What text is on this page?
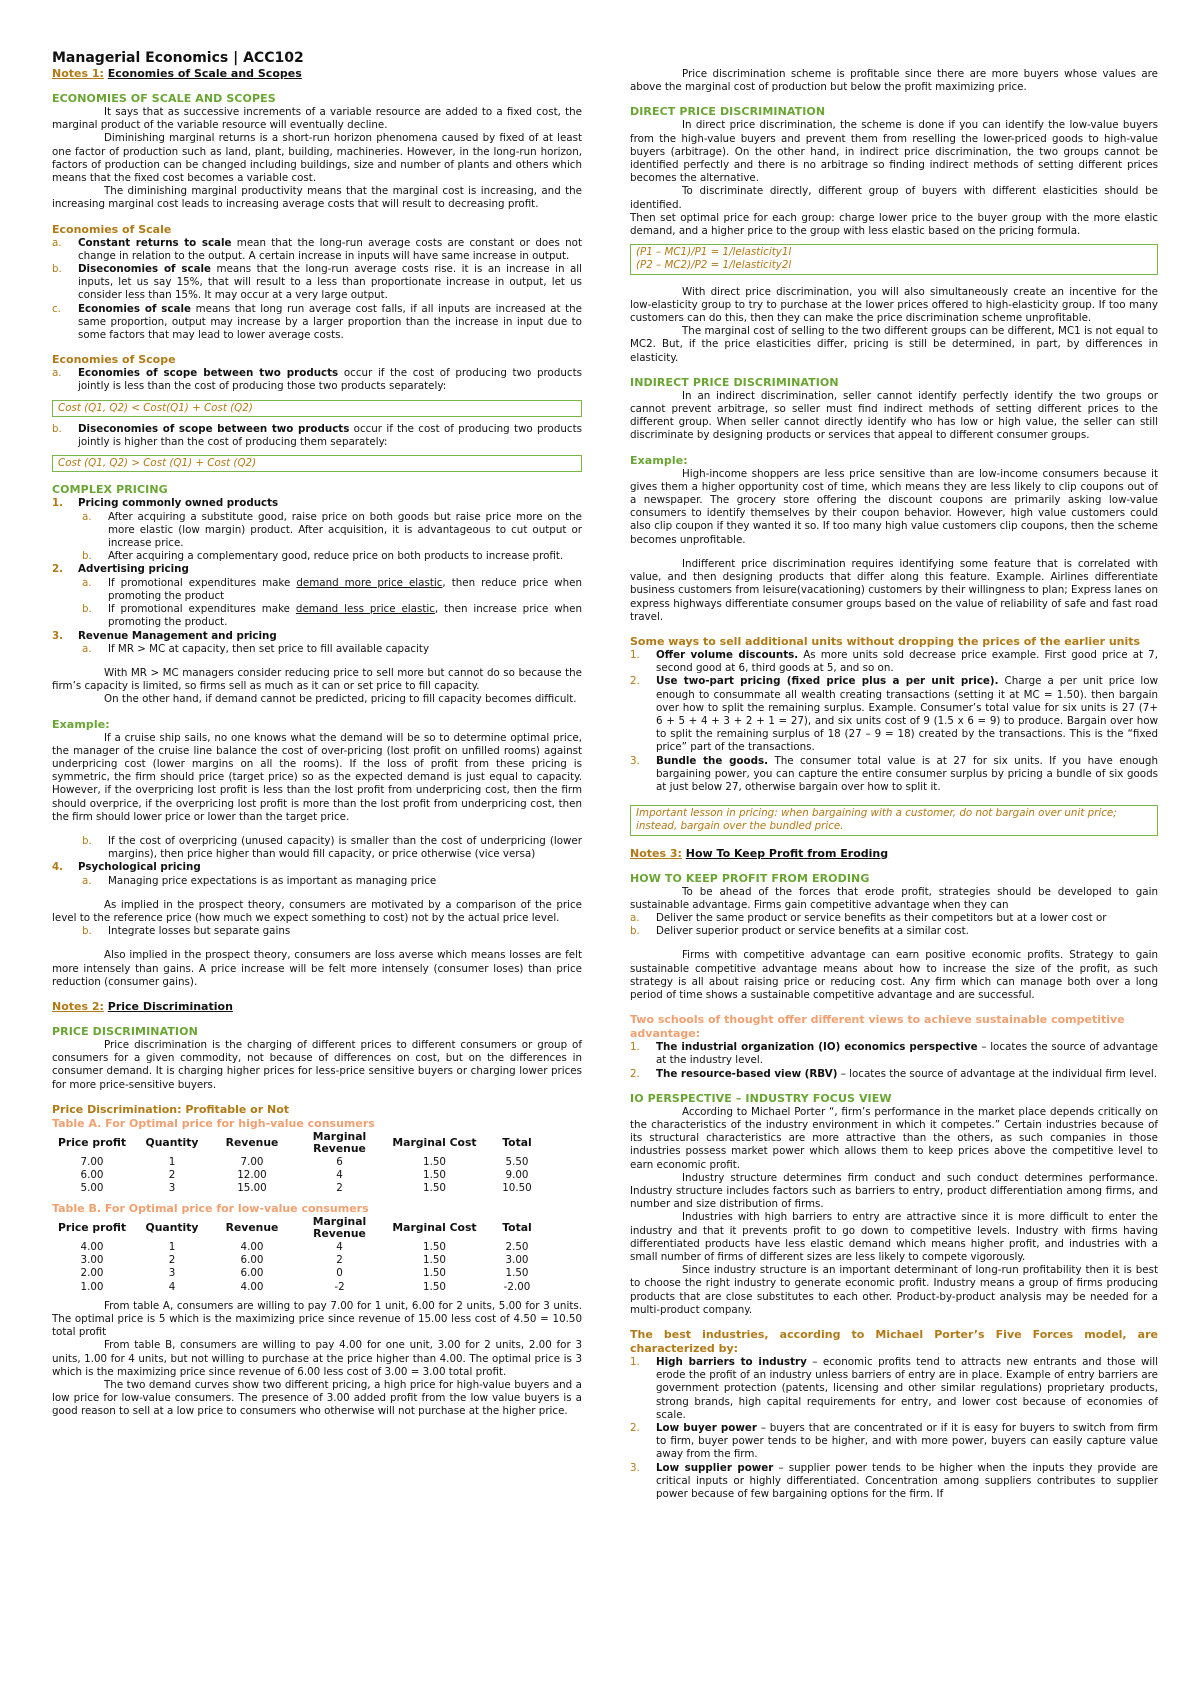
Managerial Economics | ACC102
Notes 1: Economies of Scale and Scopes
ECONOMIES OF SCALE AND SCOPES

It says that as successive increments of a variable resource are added to a fixed cost, the marginal product of the variable resource will eventually decline.

Diminishing marginal returns is a short-run horizon phenomena caused by fixed of at least one factor of production such as land, plant, building, machineries. However, in the long-run horizon, factors of production can be changed including buildings, size and number of plants and others which means that the fixed cost becomes a variable cost.

The diminishing marginal productivity means that the marginal cost is increasing, and the increasing marginal cost leads to increasing average costs that will result to decreasing profit.

Economies of Scale
a. Constant returns to scale mean that the long-run average costs are constant or does not change in relation to the output. A certain increase in inputs will have same increase in output.
b. Diseconomies of scale means that the long-run average costs rise. it is an increase in all inputs, let us say 15%, that will result to a less than proportionate increase in output, let us consider less than 15%. It may occur at a very large output.
c. Economies of scale means that long run average cost falls, if all inputs are increased at the same proportion, output may increase by a larger proportion than the increase in input due to some factors that may lead to lower average costs.
Economies of Scope
a. Economies of scope between two products occur if the cost of producing two products jointly is less than the cost of producing those two products separately:
Cost (Q1, Q2) < Cost(Q1) + Cost (Q2)
b. Diseconomies of scope between two products occur if the cost of producing two products jointly is higher than the cost of producing them separately:
Cost (Q1, Q2) > Cost (Q1) + Cost (Q2)
COMPLEX PRICING
1. Pricing commonly owned products
a. After acquiring a substitute good, raise price on both goods but raise price more on the more elastic (low margin) product. After acquisition, it is advantageous to cut output or increase price.
b. After acquiring a complementary good, reduce price on both products to increase profit.
2. Advertising pricing
a. If promotional expenditures make demand more price elastic, then reduce price when promoting the product
b. If promotional expenditures make demand less price elastic, then increase price when promoting the product.
3. Revenue Management and pricing
a. If MR > MC at capacity, then set price to fill available capacity

With MR > MC managers consider reducing price to sell more but cannot do so because the firm’s capacity is limited, so firms sell as much as it can or set price to fill capacity.

On the other hand, if demand cannot be predicted, pricing to fill capacity becomes difficult.

Example:

If a cruise ship sails, no one knows what the demand will be so to determine optimal price, the manager of the cruise line balance the cost of over-pricing (lost profit on unfilled rooms) against underpricing cost (lower margins on all the rooms). If the loss of profit from these pricing is symmetric, the firm should price (target price) so as the expected demand is just equal to capacity. However, if the overpricing lost profit is less than the lost profit from underpricing cost, then the firm should overprice, if the overpricing lost profit is more than the lost profit from underpricing cost, then the firm should lower price or lower than the target price.

b. If the cost of overpricing (unused capacity) is smaller than the cost of underpricing (lower margins), then price higher than would fill capacity, or price otherwise (vice versa)
4. Psychological pricing
a. Managing price expectations is as important as managing price

As implied in the prospect theory, consumers are motivated by a comparison of the price level to the reference price (how much we expect something to cost) not by the actual price level.

b. Integrate losses but separate gains

Also implied in the prospect theory, consumers are loss averse which means losses are felt more intensely than gains. A price increase will be felt more intensely (consumer loses) than price reduction (consumer gains).

Notes 2: Price Discrimination
PRICE DISCRIMINATION

Price discrimination is the charging of different prices to different consumers or group of consumers for a given commodity, not because of differences on cost, but on the differences in consumer demand. It is charging higher prices for less-price sensitive buyers or charging lower prices for more price-sensitive buyers.

Price Discrimination: Profitable or Not
Table A. For Optimal price for high-value consumers
Price profit	Quantity	Revenue	Marginal Revenue	Marginal Cost	Total
7.00	1	7.00	6	1.50	5.50
6.00	2	12.00	4	1.50	9.00
5.00	3	15.00	2	1.50	10.50
Table B. For Optimal price for low-value consumers
Price profit	Quantity	Revenue	Marginal Revenue	Marginal Cost	Total
4.00	1	4.00	4	1.50	2.50
3.00	2	6.00	2	1.50	3.00
2.00	3	6.00	0	1.50	1.50
1.00	4	4.00	-2	1.50	-2.00

From table A, consumers are willing to pay 7.00 for 1 unit, 6.00 for 2 units, 5.00 for 3 units. The optimal price is 5 which is the maximizing price since revenue of 15.00 less cost of 4.50 = 10.50 total profit

From table B, consumers are willing to pay 4.00 for one unit, 3.00 for 2 units, 2.00 for 3 units, 1.00 for 4 units, but not willing to purchase at the price higher than 4.00. The optimal price is 3 which is the maximizing price since revenue of 6.00 less cost of 3.00 = 3.00 total profit.

The two demand curves show two different pricing, a high price for high-value buyers and a low price for low-value consumers. The presence of 3.00 added profit from the low value buyers is a good reason to sell at a low price to consumers who otherwise will not purchase at the higher price.

Price discrimination scheme is profitable since there are more buyers whose values are above the marginal cost of production but below the profit maximizing price.

DIRECT PRICE DISCRIMINATION

In direct price discrimination, the scheme is done if you can identify the low-value buyers from the high-value buyers and prevent them from reselling the lower-priced goods to high-value buyers (arbitrage). On the other hand, in indirect price discrimination, the two groups cannot be identified perfectly and there is no arbitrage so finding indirect methods of setting different prices becomes the alternative.

To discriminate directly, different group of buyers with different elasticities should be identified.

Then set optimal price for each group: charge lower price to the buyer group with the more elastic demand, and a higher price to the group with less elastic based on the pricing formula.

(P1 – MC1)/P1 = 1/lelasticity1l
(P2 – MC2)/P2 = 1/lelasticity2l

With direct price discrimination, you will also simultaneously create an incentive for the low-elasticity group to try to purchase at the lower prices offered to high-elasticity group. If too many customers can do this, then they can make the price discrimination scheme unprofitable.

The marginal cost of selling to the two different groups can be different, MC1 is not equal to MC2. But, if the price elasticities differ, pricing is still be determined, in part, by differences in elasticity.

INDIRECT PRICE DISCRIMINATION

In an indirect discrimination, seller cannot identify perfectly identify the two groups or cannot prevent arbitrage, so seller must find indirect methods of setting different prices to the different group. When seller cannot directly identify who has low or high value, the seller can still discriminate by designing products or services that appeal to different consumer groups.

Example:

High-income shoppers are less price sensitive than are low-income consumers because it gives them a higher opportunity cost of time, which means they are less likely to clip coupons out of a newspaper. The grocery store offering the discount coupons are primarily asking low-value consumers to identify themselves by their coupon behavior. However, high value customers could also clip coupon if they wanted it so. If too many high value customers clip coupons, then the scheme becomes unprofitable.

Indifferent price discrimination requires identifying some feature that is correlated with value, and then designing products that differ along this feature. Example. Airlines differentiate business customers from leisure(vacationing) customers by their willingness to plan; Express lanes on express highways differentiate consumer groups based on the value of reliability of safe and fast road travel.

Some ways to sell additional units without dropping the prices of the earlier units
1. Offer volume discounts. As more units sold decrease price example. First good price at 7, second good at 6, third goods at 5, and so on.
2. Use two-part pricing (fixed price plus a per unit price). Charge a per unit price low enough to consummate all wealth creating transactions (setting it at MC = 1.50). then bargain over how to split the remaining surplus. Example. Consumer’s total value for six units is 27 (7+ 6 + 5 + 4 + 3 + 2 + 1 = 27), and six units cost of 9 (1.5 x 6 = 9) to produce. Bargain over how to split the remaining surplus of 18 (27 – 9 = 18) created by the transactions. This is the “fixed price” part of the transactions.
3. Bundle the goods. The consumer total value is at 27 for six units. If you have enough bargaining power, you can capture the entire consumer surplus by pricing a bundle of six goods at just below 27, otherwise bargain over how to split it.
Important lesson in pricing: when bargaining with a customer, do not bargain over unit price; instead, bargain over the bundled price.
Notes 3: How To Keep Profit from Eroding
HOW TO KEEP PROFIT FROM ERODING

To be ahead of the forces that erode profit, strategies should be developed to gain sustainable advantage. Firms gain competitive advantage when they can

a. Deliver the same product or service benefits as their competitors but at a lower cost or
b. Deliver superior product or service benefits at a similar cost.

Firms with competitive advantage can earn positive economic profits. Strategy to gain sustainable competitive advantage means about how to increase the size of the profit, as such strategy is all about raising price or reducing cost. Any firm which can manage both over a long period of time shows a sustainable competitive advantage and are successful.

Two schools of thought offer different views to achieve sustainable competitive advantage:
1. The industrial organization (IO) economics perspective – locates the source of advantage at the industry level.
2. The resource-based view (RBV) – locates the source of advantage at the individual firm level.
IO PERSPECTIVE – INDUSTRY FOCUS VIEW

According to Michael Porter “, firm’s performance in the market place depends critically on the characteristics of the industry environment in which it competes.” Certain industries because of its structural characteristics are more attractive than the others, as such companies in those industries possess market power which allows them to keep prices above the competitive level to earn economic profit.

Industry structure determines firm conduct and such conduct determines performance. Industry structure includes factors such as barriers to entry, product differentiation among firms, and number and size distribution of firms.

Industries with high barriers to entry are attractive since it is more difficult to enter the industry and that it prevents profit to go down to competitive levels. Industry with firms having differentiated products have less elastic demand which means higher profit, and industries with a small number of firms of different sizes are less likely to compete vigorously.

Since industry structure is an important determinant of long-run profitability then it is best to choose the right industry to generate economic profit. Industry means a group of firms producing products that are close substitutes to each other. Product-by-product analysis may be needed for a multi-product company.

The best industries, according to Michael Porter’s Five Forces model, are characterized by:
1. High barriers to industry – economic profits tend to attracts new entrants and those will erode the profit of an industry unless barriers of entry are in place. Example of entry barriers are government protection (patents, licensing and other similar regulations) proprietary products, strong brands, high capital requirements for entry, and lower cost because of economies of scale.
2. Low buyer power – buyers that are concentrated or if it is easy for buyers to switch from firm to firm, buyer power tends to be higher, and with more power, buyers can easily capture value away from the firm.
3. Low supplier power – supplier power tends to be higher when the inputs they provide are critical inputs or highly differentiated. Concentration among suppliers contributes to supplier power because of few bargaining options for the firm. If
